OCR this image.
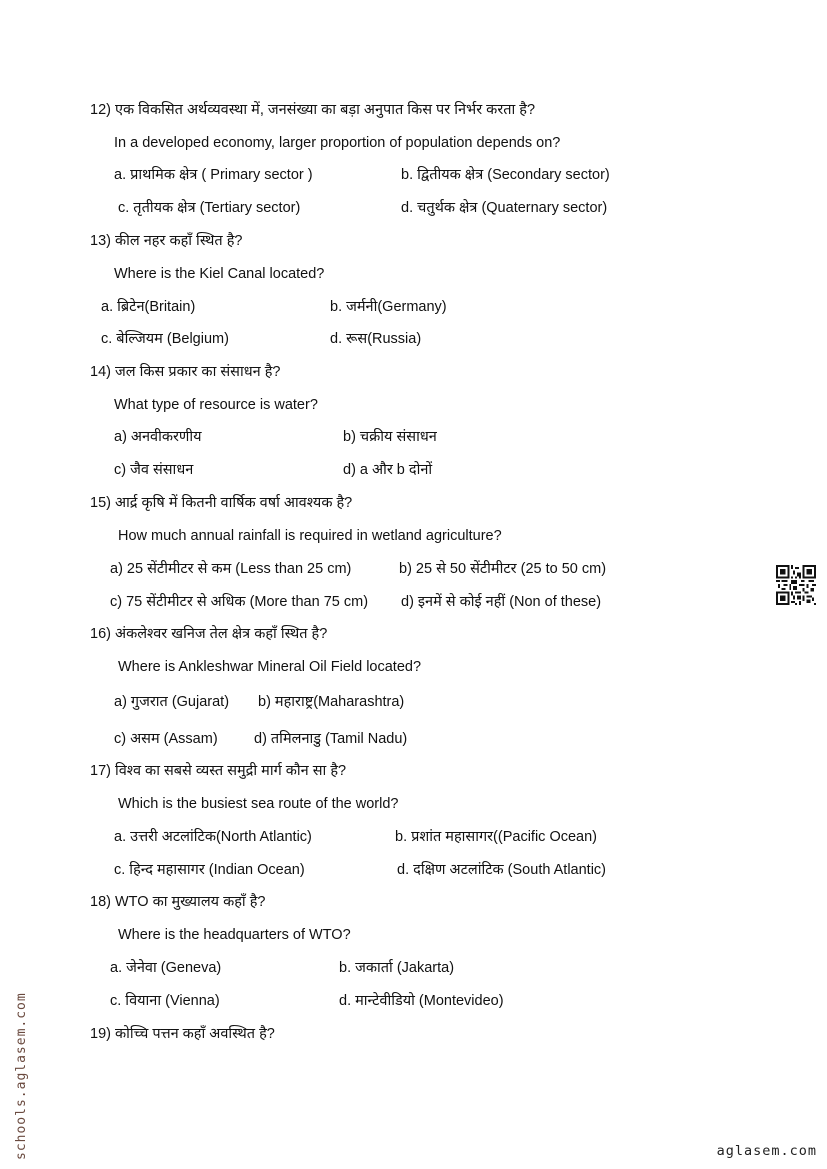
12) एक विकसित अर्थव्यवस्था में, जनसंख्या का बड़ा अनुपात किस पर निर्भर करता है?
In a developed economy, larger proportion of population depends on?
a. प्राथमिक क्षेत्र ( Primary sector )	b. द्वितीयक क्षेत्र (Secondary sector)
c. तृतीयक क्षेत्र (Tertiary sector)	d. चतुर्थक क्षेत्र (Quaternary sector)
13) कील नहर कहाँ स्थित है?
Where is the Kiel Canal located?
a. ब्रिटेन(Britain)	b. जर्मनी(Germany)
c. बेल्जियम (Belgium)	d. रूस(Russia)
14) जल किस प्रकार का संसाधन है?
What type of resource is water?
a) अनवीकरणीय	b) चक्रीय संसाधन
c) जैव संसाधन	d) a और b दोनों
15) आर्द्र कृषि में कितनी वार्षिक वर्षा आवश्यक है?
How much annual rainfall is required in wetland agriculture?
a) 25 सेंटीमीटर से कम (Less than 25 cm)	b) 25 से 50 सेंटीमीटर (25 to 50 cm)
c) 75 सेंटीमीटर से अधिक (More than 75 cm) d) इनमें से कोई नहीं (Non of these)
16) अंकलेश्वर खनिज तेल क्षेत्र कहाँ स्थित है?
Where is Ankleshwar Mineral Oil Field located?
a) गुजरात (Gujarat) b) महाराष्ट्र(Maharashtra)
c) असम (Assam)	d) तमिलनाडु (Tamil Nadu)
17) विश्व का सबसे व्यस्त समुद्री मार्ग कौन सा है?
Which is the busiest sea route of the world?
a. उत्तरी अटलांटिक(North Atlantic)	b. प्रशांत महासागर((Pacific Ocean)
c. हिन्द महासागर (Indian Ocean)	d. दक्षिण अटलांटिक (South Atlantic)
18) WTO का मुख्यालय कहाँ है?
Where is the headquarters of WTO?
a. जेनेवा (Geneva)	b. जकार्ता (Jakarta)
c. वियाना (Vienna)	d. मान्टेवीडियो (Montevideo)
19) कोच्चि पत्तन कहाँ अवस्थित है?
schools.aglasem.com	aglasem.com
